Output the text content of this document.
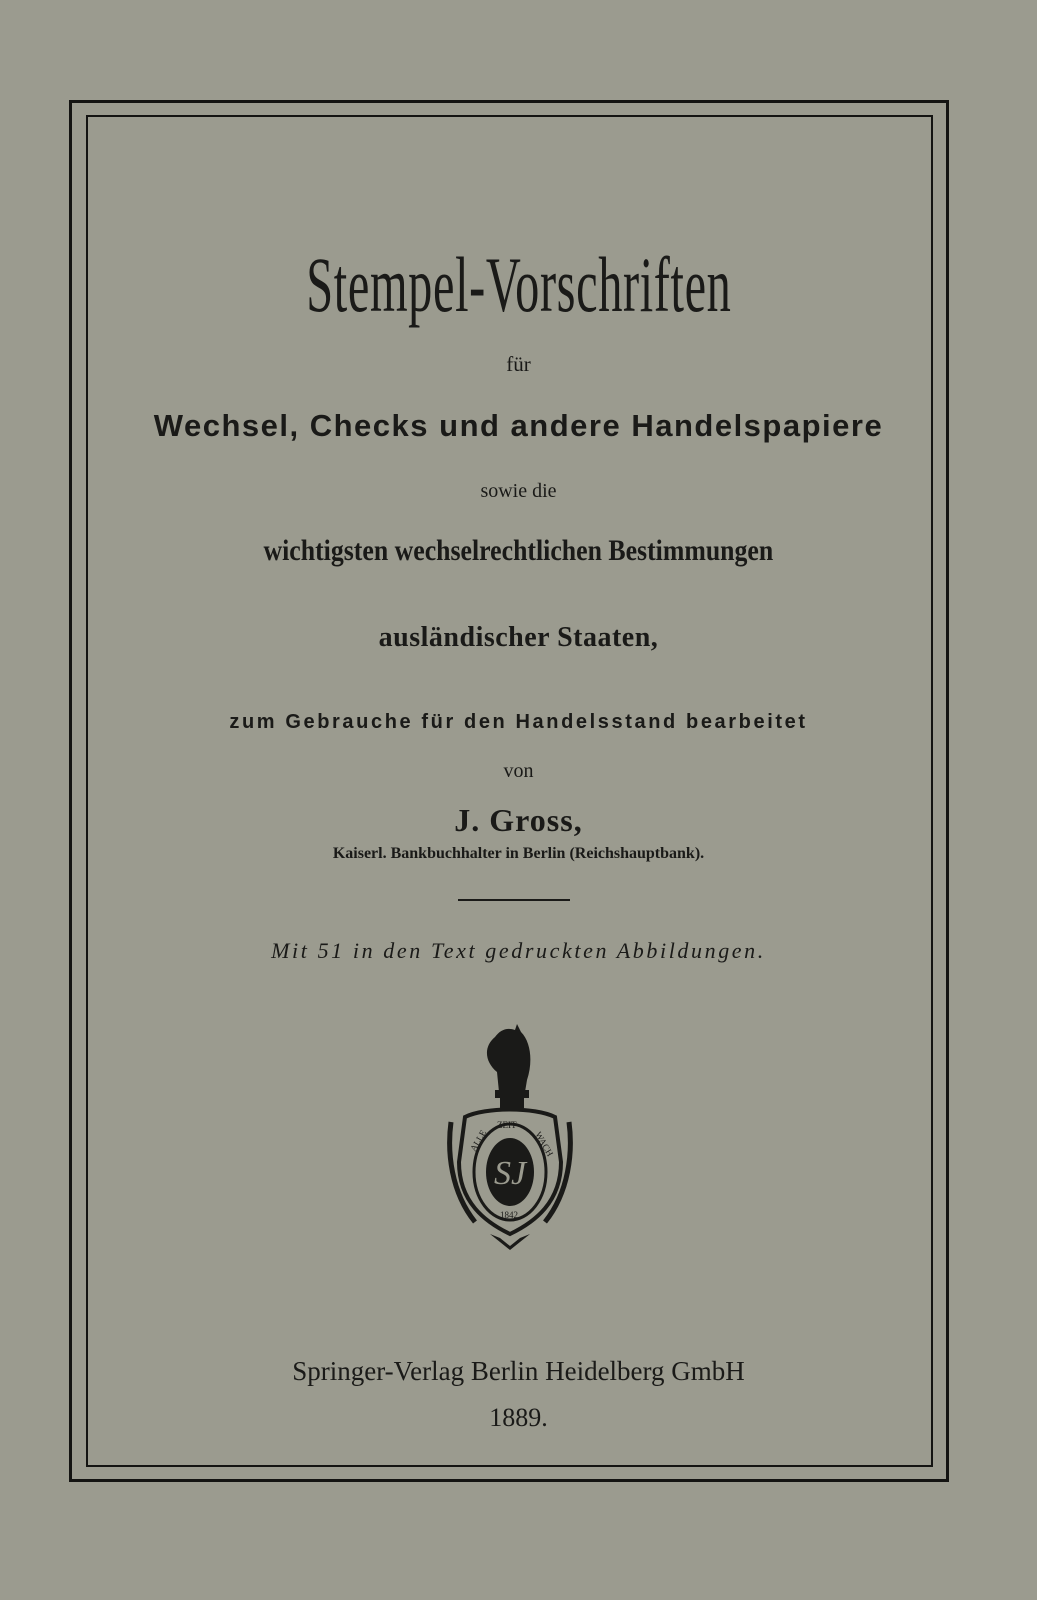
Stempel-Vorschriften
für
Wechsel, Checks und andere Handelspapiere
sowie die
wichtigsten wechselrechtlichen Bestimmungen
ausländischer Staaten,
zum Gebrauche für den Handelsstand bearbeitet
von
J. Gross,
Kaiserl. Bankbuchhalter in Berlin (Reichshauptbank).
Mit 51 in den Text gedruckten Abbildungen.
SJ
ALLE
ZEIT
WACH
1842
Springer-Verlag Berlin Heidelberg GmbH
1889.
